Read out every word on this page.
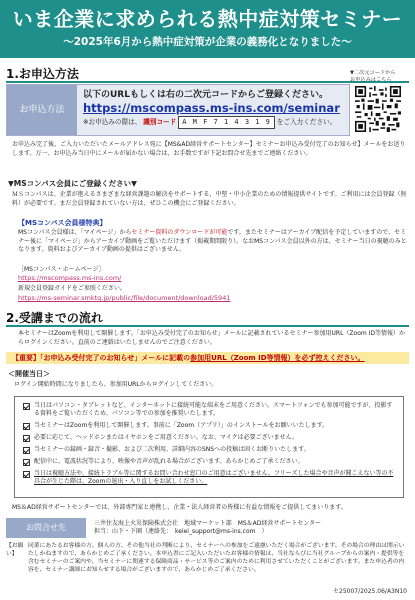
いま企業に求められる熱中症対策セミナー
～2025年6月から熱中症対策が企業の義務化となりました～
1.お申込方法	▼二次元コードから
お申込みはこちら
お申込方法
以下のURLもしくは右の二次元コードからご登録ください。
https://mscompass.ms-ins.com/seminar
※お申込みの際は、 識別コード A M F 7 1 4 3 1 9 をご入力ください。
お申込み完了後、ご入力いただいたメールアドレス宛に【MS&AD経営サポートセンター】セミナーお申込み受付完了のお知らせ】メールをお送りします。万一、お申込み当日中にメールが届かない場合は、お手数ですが下記お問合せ先までご連絡ください。
▼MSコンパス会員にご登録ください▼
ＭＳコンパスは、企業が抱えるさまざまな経営課題の解決をサポートする、中堅・中小企業のための情報提供サイトです。ご利用には会員登録（無料）が必要です。まだ会員登録されていない方は、ぜひこの機会にご登録ください。
【MSコンパス会員様特典】
MSコンパス会員様は、「マイページ」からセミナー資料のダウンロードが可能です。またセミナーはアーカイブ配信を予定していますので、セミナー後に「マイページ」からアーカイブ動画をご覧いただけます（掲載期間限り）。なおMSコンパス会員以外の方は、セミナー当日の視聴のみとなります。資料およびアーカイブ動画の提供はございません。
［MSコンパス・ホームページ］
https://mscompass.ms-ins.com/
新規会員登録ガイドをご参照ください。
https://ms-seminar.smktg.jp/public/file/document/download/5941
2.受講までの流れ
本セミナーはZoomを利用して開催します。「お申込み受付完了のお知らせ」メールに記載されているセミナー参加用URL（Zoom ID等情報）からログインください。直前のご連絡はいたしませんのでご注意ください。
【重要】「お申込み受付完了のお知らせ」メールに記載の参加用URL（Zoom ID等情報）を必ず控えください。
＜開催当日＞
ログイン開始時間になりましたら、参加用URLからログインしてください。
当日はパソコン・タブレットなど、インターネットに接続可能な端末をご用意ください。スマートフォンでも参加可能ですが、投影する資料をご覧いただくため、パソコン等での参加を推奨いたします。
当セミナーはZoomを利用して開催します。事前に「Zoom（アプリ）」のインストールをお願いいたします。
必要に応じて、ヘッドホンまたはイヤホンをご用意ください。なお、マイクは必要ございません。
当セミナーの録画・録音・撮影、および二次利用、詳細内容のSNSへの投稿は固くお断りいたします。
配信中に、電波状況等により、映像や音声が乱れる場合がございます。あらかじめご了承ください。
当日は視聴方法や、接続トラブル等に関するお問い合わせ窓口のご用意はございません。フリーズした場合や音声が聞こえない等の不具合が生じた際は、Zoomの退出・入り直しをお試しください。
MS＆AD経営サポートセンターでは、外部専門家と連携し、企業・法人経営者の皆様に有益な情報をご提供してまいります。
お問合せ先	三井住友海上火災保険株式会社　地域マーケット部　MS＆AD経営サポートセンター
担当：山下・下園（連絡先：　keiei_support@ms-ins.com　）
【お願い】
同業にあたるお客様の方、個人の方、その他当社の判断により、セミナーへの参加をご遠慮いただく場合がございます。その場合の理由は開示いたしかねますので、あらかじめご了承ください。本申込書にご記入いただいたお客様の情報は、当社ならびに当社グループからの案内・提供等を含むセミナーのご案内や、当セミナーに関連する保険商品・サービス等のご案内のために利用させていただくことがございます。また申込者の内容を、セミナー講師にお知らせする場合がございますので、あらかじめご了承ください。
セ25007/2025.06/A3N10
